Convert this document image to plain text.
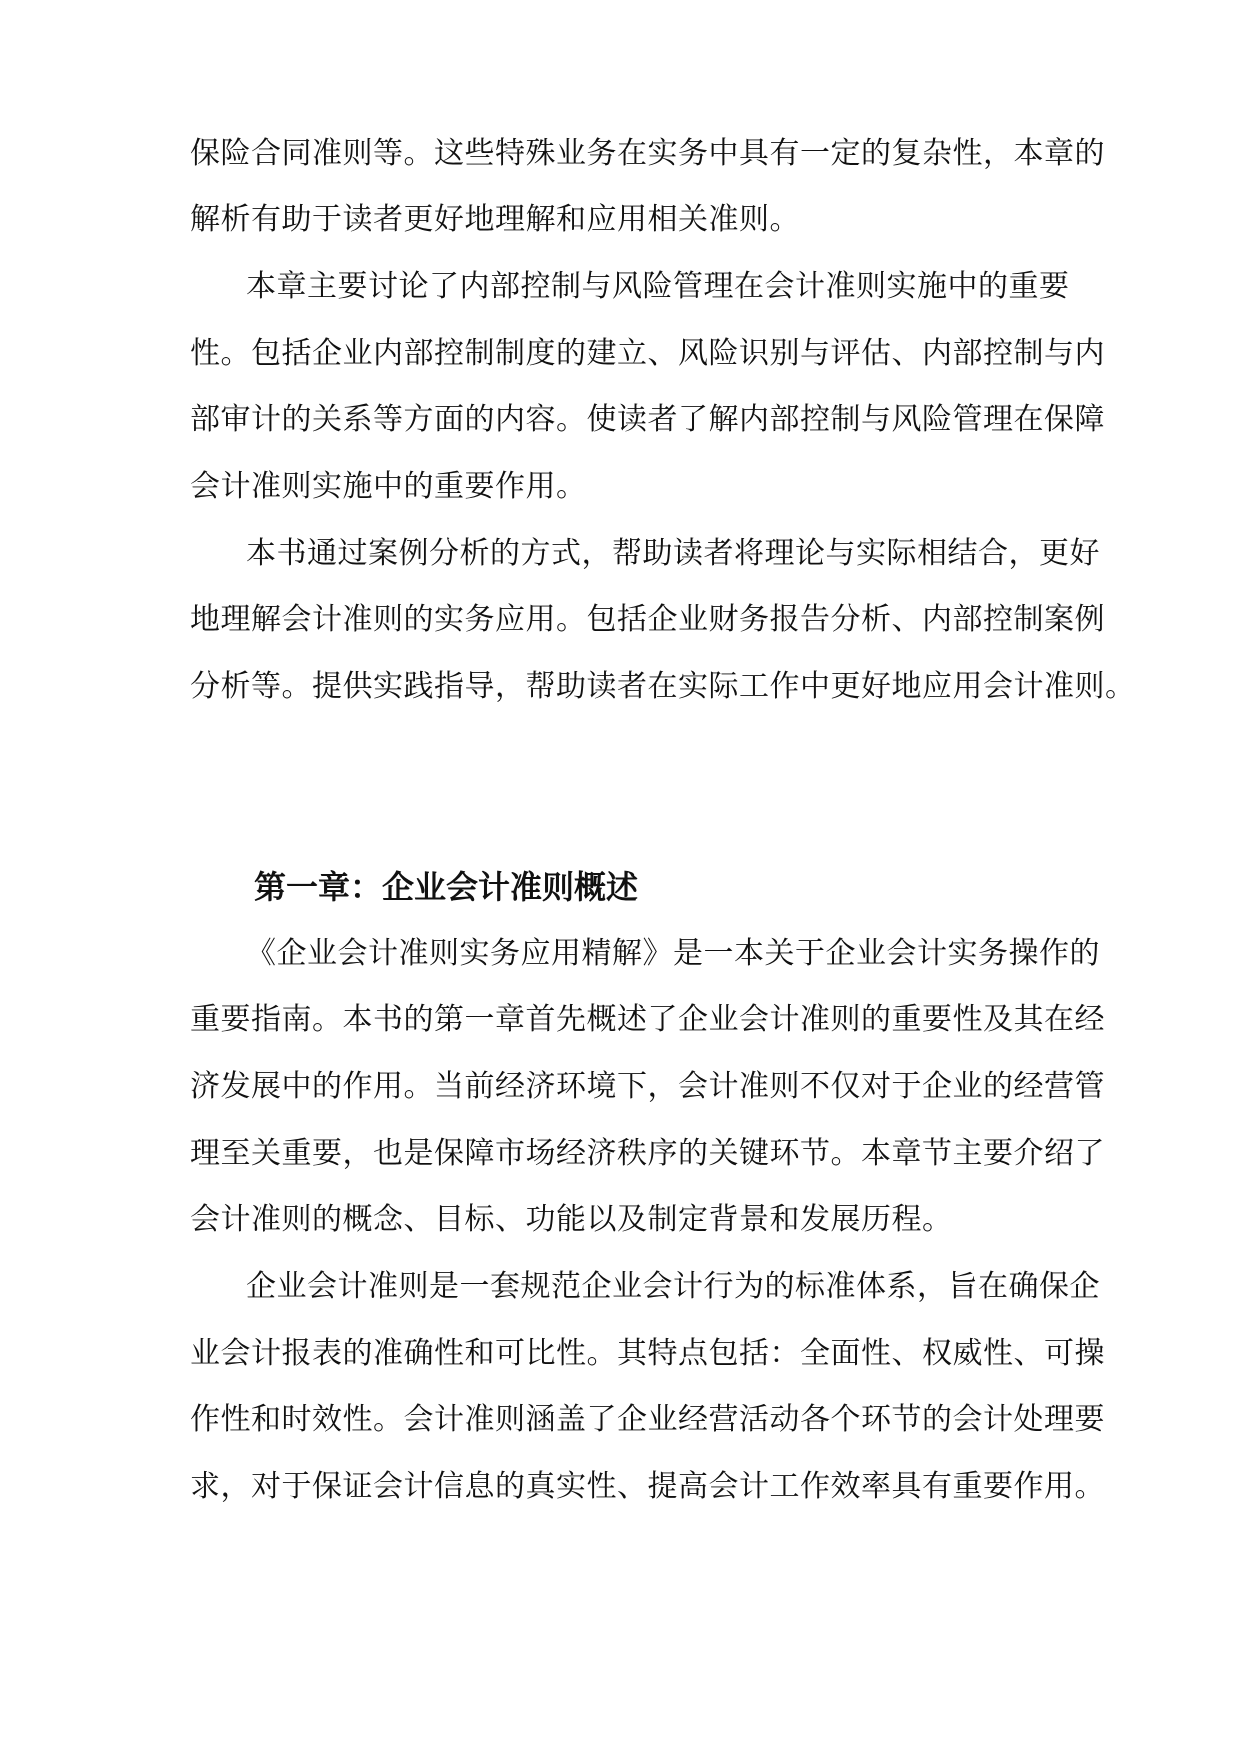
保险合同准则等。这些特殊业务在实务中具有一定的复杂性，本章的
解析有助于读者更好地理解和应用相关准则。
本章主要讨论了内部控制与风险管理在会计准则实施中的重要
性。包括企业内部控制制度的建立、风险识别与评估、内部控制与内
部审计的关系等方面的内容。使读者了解内部控制与风险管理在保障
会计准则实施中的重要作用。
本书通过案例分析的方式，帮助读者将理论与实际相结合，更好
地理解会计准则的实务应用。包括企业财务报告分析、内部控制案例
分析等。提供实践指导，帮助读者在实际工作中更好地应用会计准则。
第一章：企业会计准则概述
《企业会计准则实务应用精解》是一本关于企业会计实务操作的
重要指南。本书的第一章首先概述了企业会计准则的重要性及其在经
济发展中的作用。当前经济环境下，会计准则不仅对于企业的经营管
理至关重要，也是保障市场经济秩序的关键环节。本章节主要介绍了
会计准则的概念、目标、功能以及制定背景和发展历程。
企业会计准则是一套规范企业会计行为的标准体系，旨在确保企
业会计报表的准确性和可比性。其特点包括：全面性、权威性、可操
作性和时效性。会计准则涵盖了企业经营活动各个环节的会计处理要
求，对于保证会计信息的真实性、提高会计工作效率具有重要作用。
